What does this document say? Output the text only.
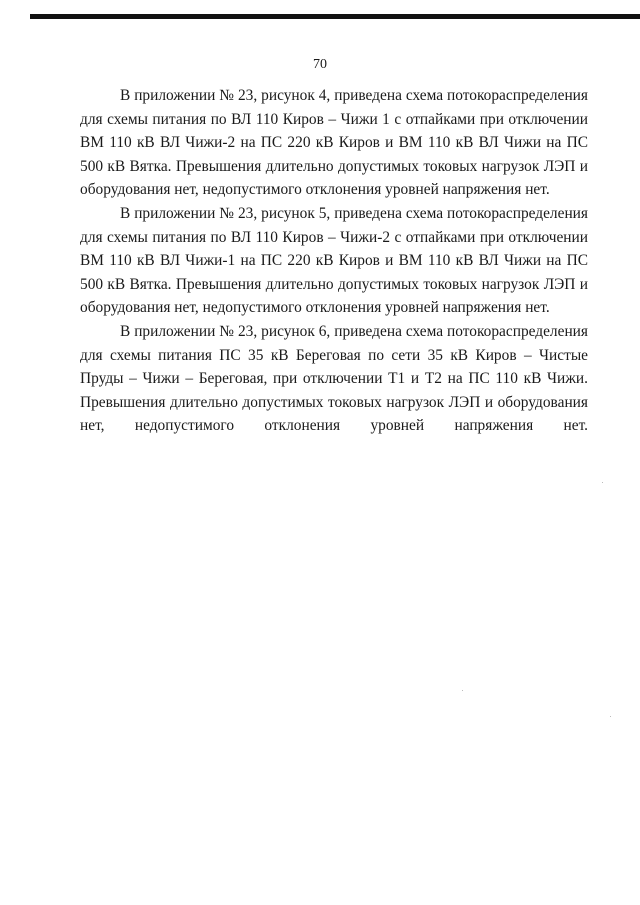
70

В приложении № 23, рисунок 4, приведена схема потокораспределения для схемы питания по ВЛ 110 Киров – Чижи 1 с отпайками при отключении ВМ 110 кВ ВЛ Чижи-2 на ПС 220 кВ Киров и ВМ 110 кВ ВЛ Чижи на ПС 500 кВ Вятка. Превышения длительно допустимых токовых нагрузок ЛЭП и оборудования нет, недопустимого отклонения уровней напряжения нет.

В приложении № 23, рисунок 5, приведена схема потокораспределения для схемы питания по ВЛ 110 Киров – Чижи-2 с отпайками при отключении ВМ 110 кВ ВЛ Чижи-1 на ПС 220 кВ Киров и ВМ 110 кВ ВЛ Чижи на ПС 500 кВ Вятка. Превышения длительно допустимых токовых нагрузок ЛЭП и оборудования нет, недопустимого отклонения уровней напряжения нет.

В приложении № 23, рисунок 6, приведена схема потокораспределения для схемы питания ПС 35 кВ Береговая по сети 35 кВ Киров – Чистые Пруды – Чижи – Береговая, при отключении Т1 и Т2 на ПС 110 кВ Чижи. Превышения длительно допустимых токовых нагрузок ЛЭП и оборудования нет, недопустимого отклонения уровней напряжения нет.
